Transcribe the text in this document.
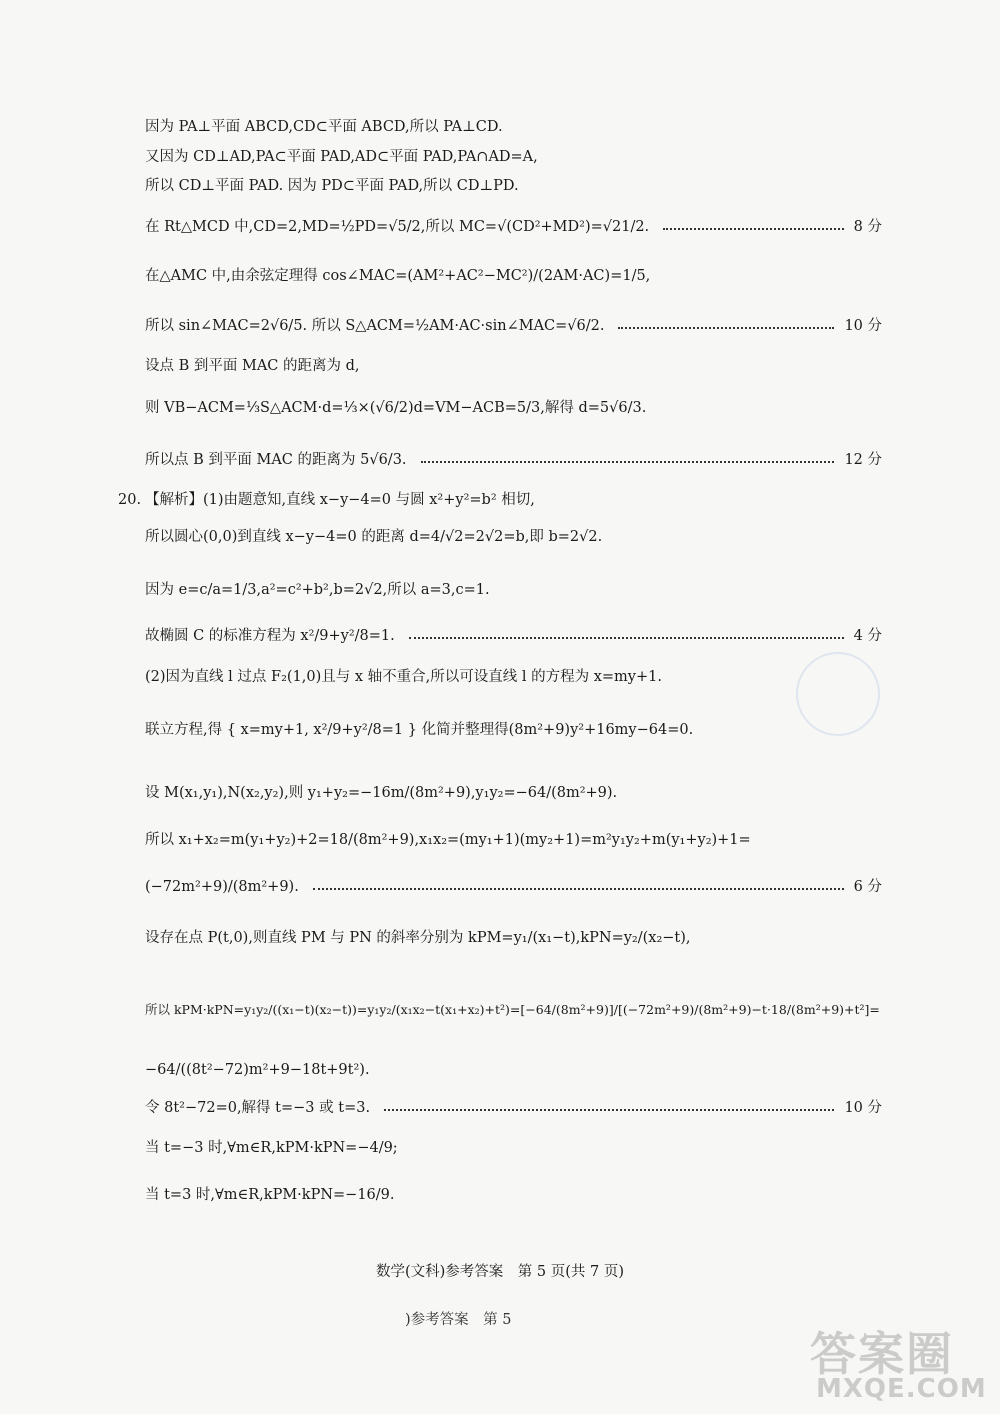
因为 PA⊥平面 ABCD,CD⊂平面 ABCD,所以 PA⊥CD.
又因为 CD⊥AD,PA⊂平面 PAD,AD⊂平面 PAD,PA∩AD=A,
所以 CD⊥平面 PAD. 因为 PD⊂平面 PAD,所以 CD⊥PD.
在 Rt△MCD 中,CD=2,MD=½PD=√5/2,所以 MC=√(CD²+MD²)=√21/2.	8 分
在△AMC 中,由余弦定理得 cos∠MAC=(AM²+AC²−MC²)/(2AM·AC)=1/5,
所以 sin∠MAC=2√6/5. 所以 S△ACM=½AM·AC·sin∠MAC=√6/2.	10 分
设点 B 到平面 MAC 的距离为 d,
则 VB−ACM=⅓S△ACM·d=⅓×(√6/2)d=VM−ACB=5/3,解得 d=5√6/3.
所以点 B 到平面 MAC 的距离为 5√6/3.	12 分
20. 【解析】(1)由题意知,直线 x−y−4=0 与圆 x²+y²=b² 相切,
所以圆心(0,0)到直线 x−y−4=0 的距离 d=4/√2=2√2=b,即 b=2√2.
因为 e=c/a=1/3,a²=c²+b²,b=2√2,所以 a=3,c=1.
故椭圆 C 的标准方程为 x²/9+y²/8=1.	4 分
(2)因为直线 l 过点 F₂(1,0)且与 x 轴不重合,所以可设直线 l 的方程为 x=my+1.
联立方程,得 { x=my+1, x²/9+y²/8=1 } 化简并整理得(8m²+9)y²+16my−64=0.
设 M(x₁,y₁),N(x₂,y₂),则 y₁+y₂=−16m/(8m²+9),y₁y₂=−64/(8m²+9).
所以 x₁+x₂=m(y₁+y₂)+2=18/(8m²+9),x₁x₂=(my₁+1)(my₂+1)=m²y₁y₂+m(y₁+y₂)+1=
(−72m²+9)/(8m²+9).	6 分
设存在点 P(t,0),则直线 PM 与 PN 的斜率分别为 kPM=y₁/(x₁−t),kPN=y₂/(x₂−t),
所以 kPM·kPN=y₁y₂/((x₁−t)(x₂−t))=y₁y₂/(x₁x₂−t(x₁+x₂)+t²)=[−64/(8m²+9)]/[(−72m²+9)/(8m²+9)−t·18/(8m²+9)+t²]=
−64/((8t²−72)m²+9−18t+9t²).
令 8t²−72=0,解得 t=−3 或 t=3.	10 分
当 t=−3 时,∀m∈R,kPM·kPN=−4/9;
当 t=3 时,∀m∈R,kPM·kPN=−16/9.
数学(文科)参考答案　第 5 页(共 7 页)
)参考答案　第 5
答案圈
MXQE.COM
